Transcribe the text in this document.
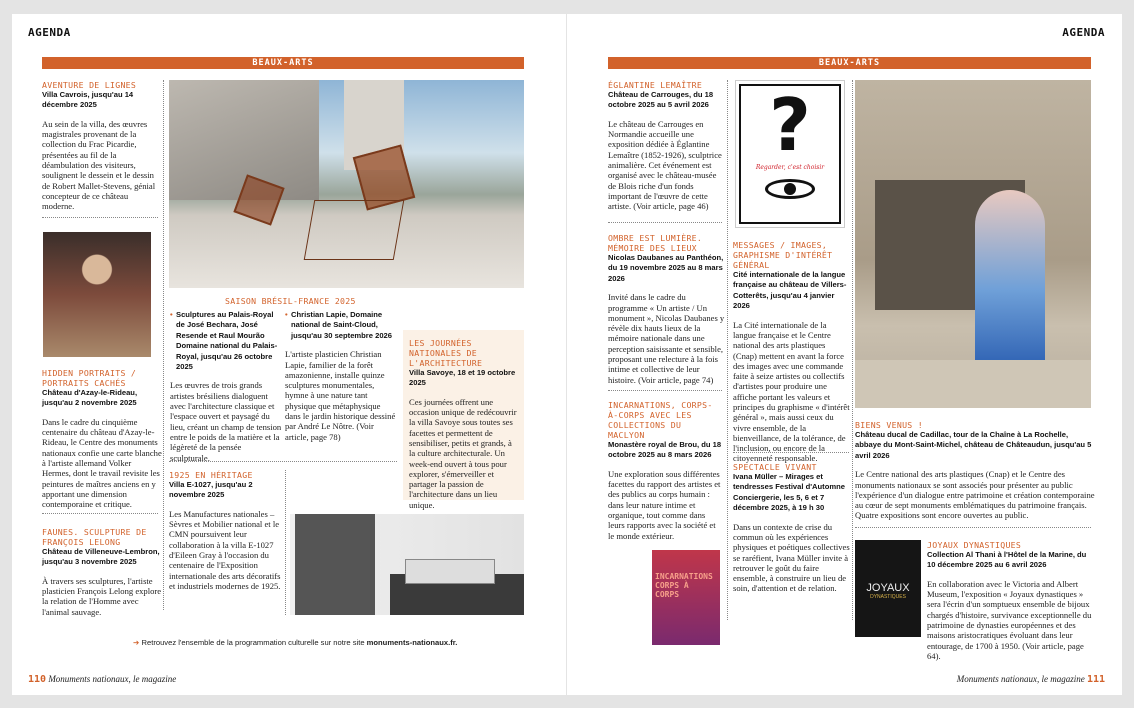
AGENDA
BEAUX-ARTS
AVENTURE DE LIGNES
Villa Cavrois, jusqu'au 14 décembre 2025
Au sein de la villa, des œuvres magistrales provenant de la collection du Frac Picardie, présentées au fil de la déambulation des visiteurs, soulignent le dessein et le dessin de Robert Mallet-Stevens, génial concepteur de ce château moderne.
HIDDEN PORTRAITS / PORTRAITS CACHÉS
Château d'Azay-le-Rideau, jusqu'au 2 novembre 2025
Dans le cadre du cinquième centenaire du château d'Azay-le-Rideau, le Centre des monuments nationaux confie une carte blanche à l'artiste allemand Volker Hermes, dont le travail revisite les peintures de maîtres anciens en y apportant une dimension contemporaine et critique.
FAUNES. SCULPTURE DE FRANÇOIS LELONG
Château de Villeneuve-Lembron, jusqu'au 3 novembre 2025
À travers ses sculptures, l'artiste plasticien François Lelong explore la relation de l'Homme avec l'animal sauvage.
SAISON BRÉSIL-FRANCE 2025
• Sculptures au Palais-Royal de José Bechara, José Resende et Raul Mourão Domaine national du Palais-Royal, jusqu'au 26 octobre 2025
Les œuvres de trois grands artistes brésiliens dialoguent avec l'architecture classique et l'espace ouvert et paysagé du lieu, créant un champ de tension entre le poids de la matière et la légèreté de la pensée sculpturale.
• Christian Lapie, Domaine national de Saint-Cloud, jusqu'au 30 septembre 2026
L'artiste plasticien Christian Lapie, familier de la forêt amazonienne, installe quinze sculptures monumentales, hymne à une nature tant physique que métaphysique dans le jardin historique dessiné par André Le Nôtre. (Voir article, page 78)
LES JOURNÉES NATIONALES DE L'ARCHITECTURE
Villa Savoye, 18 et 19 octobre 2025
Ces journées offrent une occasion unique de redécouvrir la villa Savoye sous toutes ses facettes et permettent de sensibiliser, petits et grands, à la culture architecturale. Un week-end ouvert à tous pour explorer, s'émerveiller et partager la passion de l'architecture dans un lieu unique.
1925 EN HÉRITAGE
Villa E-1027, jusqu'au 2 novembre 2025
Les Manufactures nationales – Sèvres et Mobilier national et le CMN poursuivent leur collaboration à la villa E-1027 d'Eileen Gray à l'occasion du centenaire de l'Exposition internationale des arts décoratifs et industriels modernes de 1925.
➔ Retrouvez l'ensemble de la programmation culturelle sur notre site monuments-nationaux.fr.
110 Monuments nationaux, le magazine
AGENDA
BEAUX-ARTS
ÉGLANTINE LEMAÎTRE
Château de Carrouges, du 18 octobre 2025 au 5 avril 2026
Le château de Carrouges en Normandie accueille une exposition dédiée à Églantine Lemaître (1852-1926), sculptrice animalière. Cet événement est organisé avec le château-musée de Blois riche d'un fonds important de l'œuvre de cette artiste. (Voir article, page 46)
OMBRE EST LUMIÈRE. MÉMOIRE DES LIEUX
Nicolas Daubanes au Panthéon, du 19 novembre 2025 au 8 mars 2026
Invité dans le cadre du programme « Un artiste / Un monument », Nicolas Daubanes y révèle dix hauts lieux de la mémoire nationale dans une perception saisissante et sensible, proposant une relecture à la fois intime et collective de leur histoire. (Voir article, page 74)
INCARNATIONS, CORPS-À-CORPS AVEC LES COLLECTIONS DU MACLYON
Monastère royal de Brou, du 18 octobre 2025 au 8 mars 2026
Une exploration sous différentes facettes du rapport des artistes et des publics au corps humain : dans leur nature intime et organique, tout comme dans leurs rapports avec la société et le monde extérieur.
INCARNATIONS CORPS À CORPS
?
Regarder, c'est choisir
MESSAGES / IMAGES, GRAPHISME D'INTÉRÊT GÉNÉRAL
Cité internationale de la langue française au château de Villers-Cotterêts, jusqu'au 4 janvier 2026
La Cité internationale de la langue française et le Centre national des arts plastiques (Cnap) mettent en avant la force des images avec une commande faite à seize artistes ou collectifs d'artistes pour produire une affiche portant les valeurs et principes du graphisme « d'intérêt général », mais aussi ceux du vivre ensemble, de la bienveillance, de la tolérance, de l'inclusion, ou encore de la citoyenneté responsable.
SPECTACLE VIVANT
Ivana Müller – Mirages et tendresses Festival d'Automne Conciergerie, les 5, 6 et 7 décembre 2025, à 19 h 30
Dans un contexte de crise du commun où les expériences physiques et poétiques collectives se raréfient, Ivana Müller invite à retrouver le goût du faire ensemble, à construire un lieu de soin, d'attention et de relation.
BIENS VENUS !
Château ducal de Cadillac, tour de la Chaîne à La Rochelle, abbaye du Mont-Saint-Michel, château de Châteaudun, jusqu'au 5 avril 2026
Le Centre national des arts plastiques (Cnap) et le Centre des monuments nationaux se sont associés pour présenter au public l'expérience d'un dialogue entre patrimoine et création contemporaine au cœur de sept monuments emblématiques du patrimoine français. Quatre expositions sont encore ouvertes au public.
JOYAUX
DYNASTIQUES
JOYAUX DYNASTIQUES
Collection Al Thani à l'Hôtel de la Marine, du 10 décembre 2025 au 6 avril 2026
En collaboration avec le Victoria and Albert Museum, l'exposition « Joyaux dynastiques » sera l'écrin d'un somptueux ensemble de bijoux chargés d'histoire, survivance exceptionnelle du patrimoine de dynasties européennes et des maisons aristocratiques évoluant dans leur entourage, de 1700 à 1950. (Voir article, page 64).
Monuments nationaux, le magazine 111
